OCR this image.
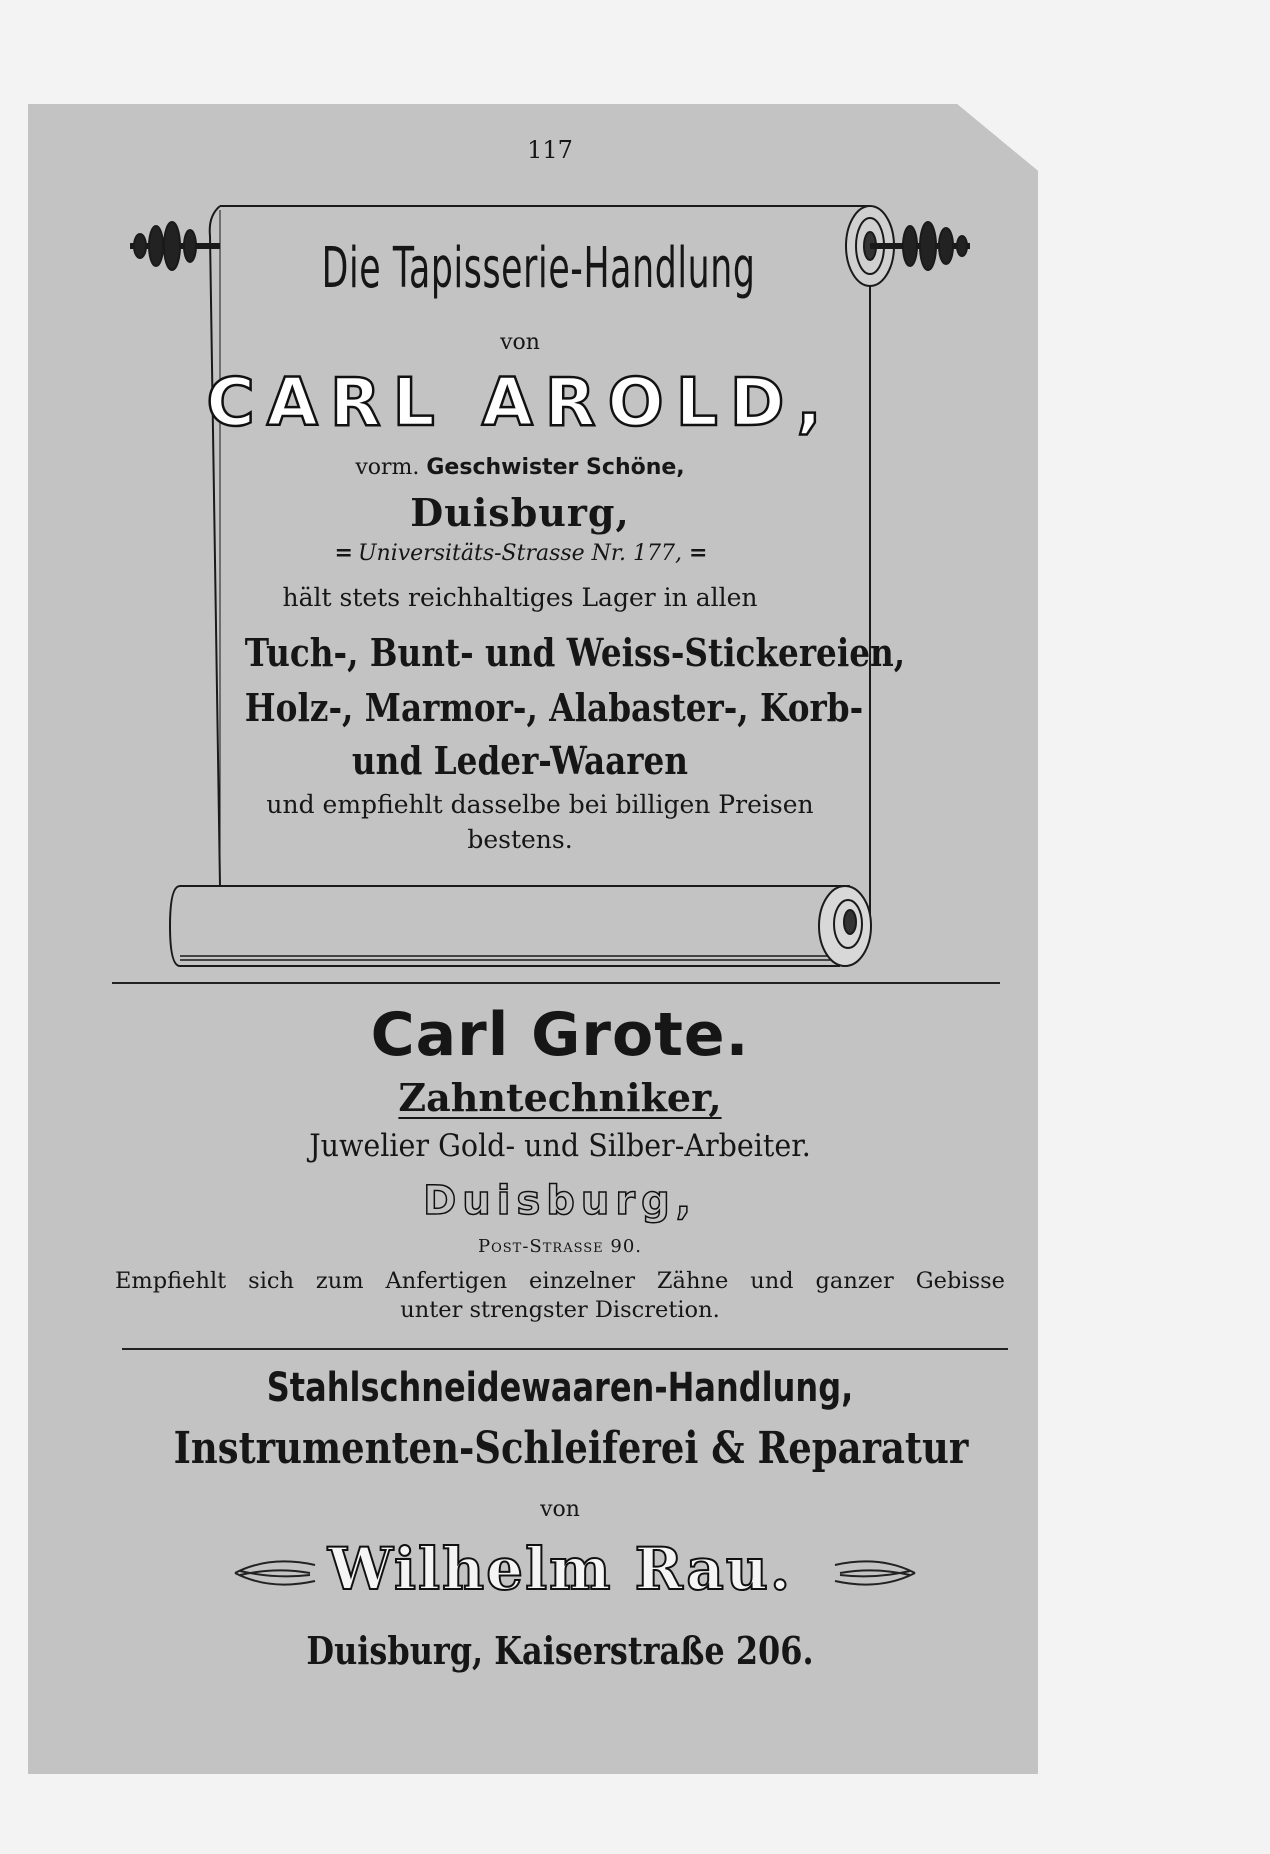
117
Die Tapisserie-Handlung
von
CARL AROLD,
vorm. Geschwister Schöne,
Duisburg,
= Universitäts-Strasse Nr. 177, =
hält stets reichhaltiges Lager in allen
Tuch-, Bunt- und Weiss-Stickereien,
Holz-, Marmor-, Alabaster-, Korb-
und Leder-Waaren
und empfiehlt dasselbe bei billigen Preisen
bestens.
Carl Grote.
Zahntechniker,
Juwelier Gold- und Silber-Arbeiter.
Duisburg,
Post-Strasse 90.
Empfiehlt sich zum Anfertigen einzelner Zähne und ganzer Gebisse
unter strengster Discretion.
Stahlschneidewaaren-Handlung,
Instrumenten-Schleiferei & Reparatur
von
Wilhelm Rau.
Duisburg, Kaiserstraße 206.
